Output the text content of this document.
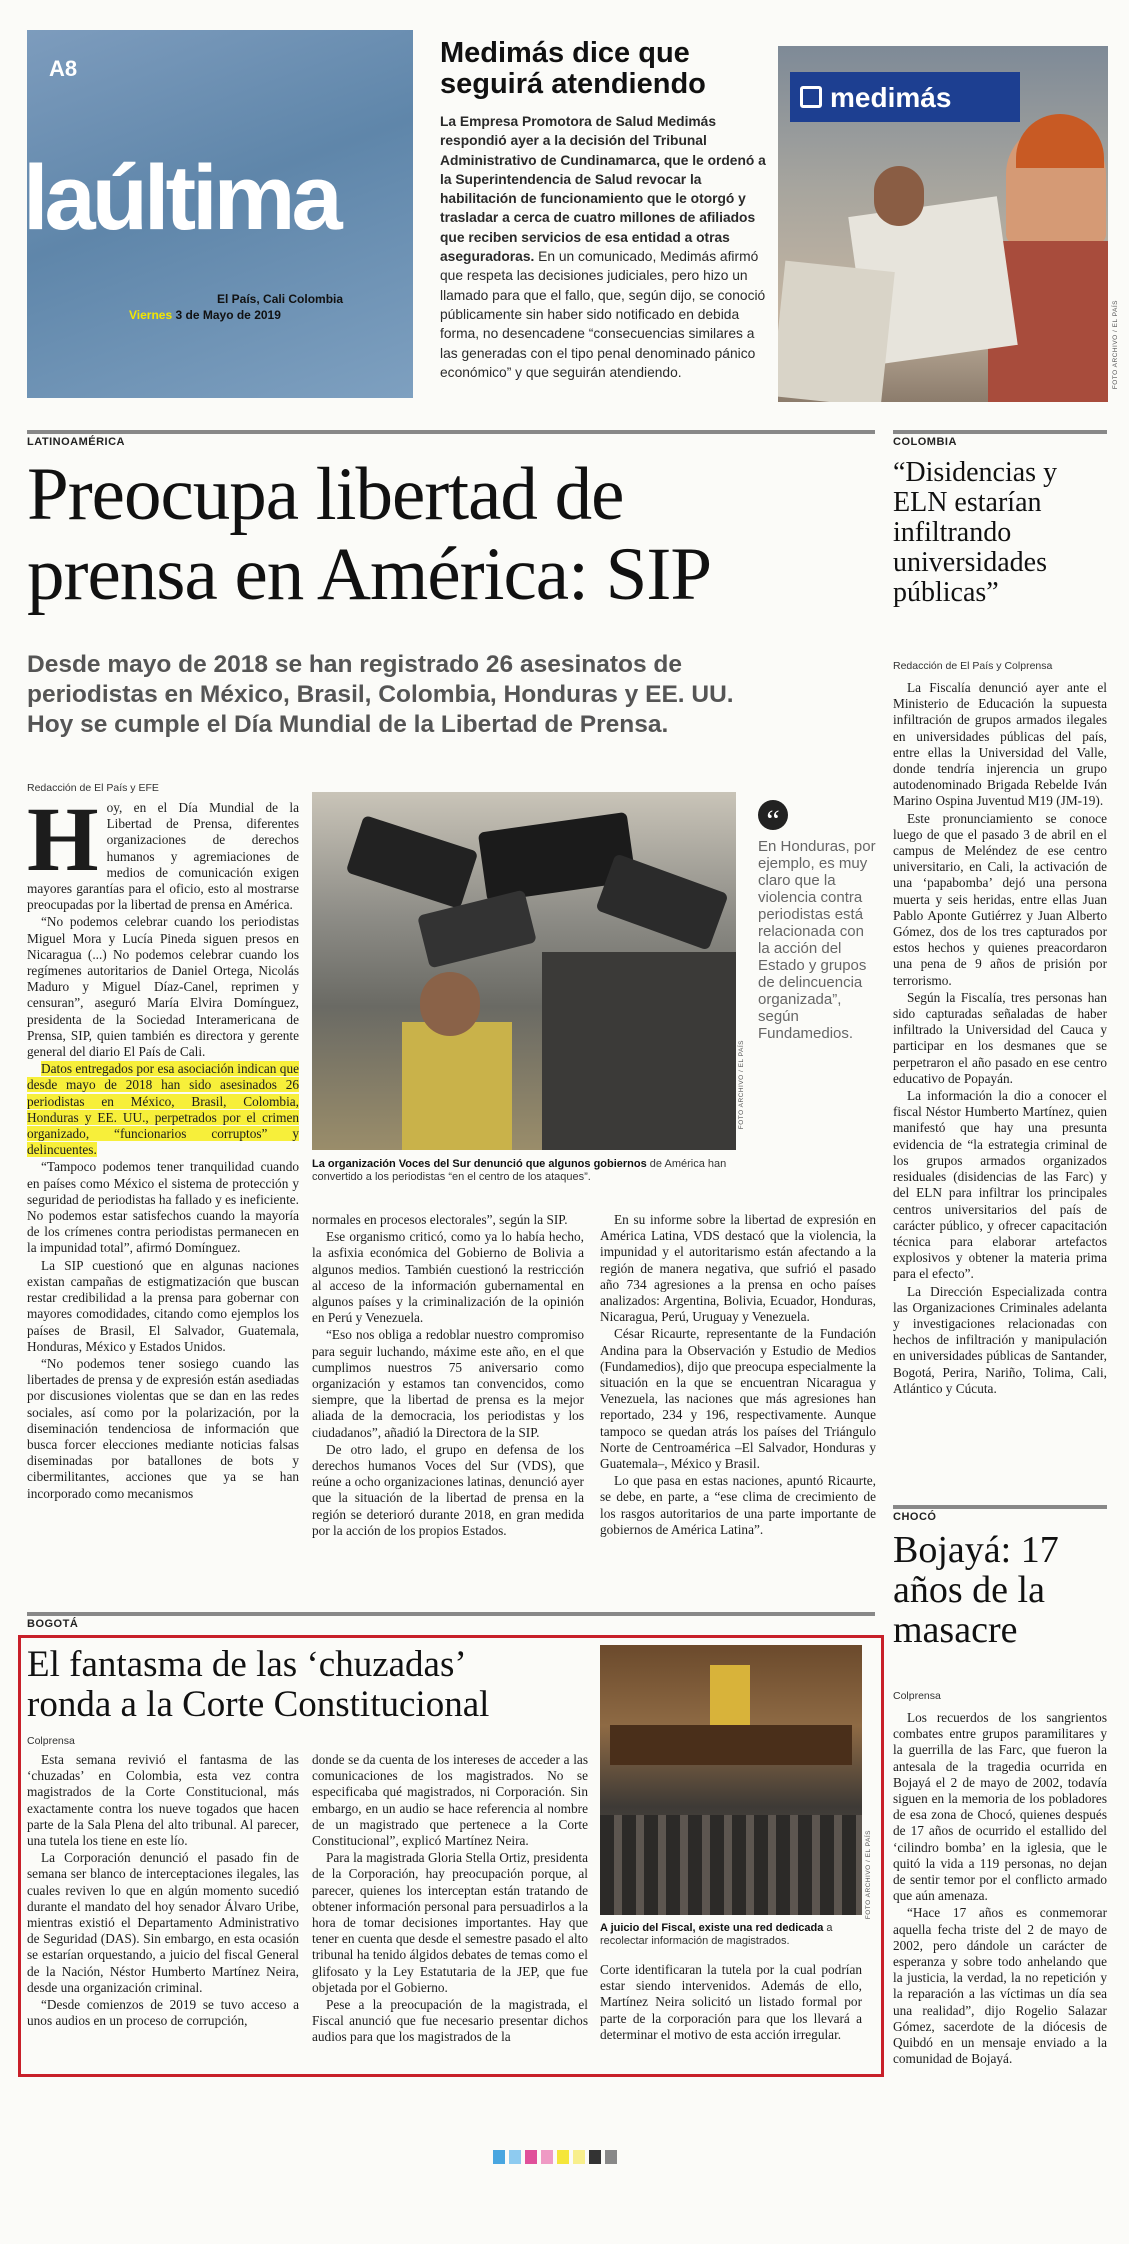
A8
laúltima
El País, Cali Colombia
Viernes 3 de Mayo de 2019
Medimás dice que
seguirá atendiendo
La Empresa Promotora de Salud Medimás respondió ayer a la decisión del Tribunal Administrativo de Cundinamarca, que le ordenó a la Superintendencia de Salud revocar la habilitación de funcionamiento que le otorgó y trasladar a cerca de cuatro millones de afiliados que reciben servicios de esa entidad a otras aseguradoras. En un comunicado, Medimás afirmó que respeta las decisiones judiciales, pero hizo un llamado para que el fallo, que, según dijo, se conoció públicamente sin haber sido notificado en debida forma, no desencadene “consecuencias similares a las generadas con el tipo penal denominado pánico económico” y que seguirán atendiendo.
medimás
FOTO ARCHIVO / EL PAÍS
LATINOAMÉRICA
Preocupa libertad de
prensa en América: SIP
Desde mayo de 2018 se han registrado 26 asesinatos de
periodistas en México, Brasil, Colombia, Honduras y EE. UU.
Hoy se cumple el Día Mundial de la Libertad de Prensa.
Redacción de El País y EFE

H oy, en el Día Mundial de la Libertad de Prensa, diferentes organizaciones de derechos humanos y agremiaciones de medios de comunicación exigen mayores garantías para el oficio, esto al mostrarse preocupadas por la libertad de prensa en América.

“No podemos celebrar cuando los periodistas Miguel Mora y Lucía Pineda siguen presos en Nicaragua (...) No podemos celebrar cuando los regímenes autoritarios de Daniel Ortega, Nicolás Maduro y Miguel Díaz-Canel, reprimen y censuran”, aseguró María Elvira Domínguez, presidenta de la Sociedad Interamericana de Prensa, SIP, quien también es directora y gerente general del diario El País de Cali.

Datos entregados por esa asociación indican que desde mayo de 2018 han sido asesinados 26 periodistas en México, Brasil, Colombia, Honduras y EE. UU., perpetrados por el crimen organizado, “funcionarios corruptos” y delincuentes.

“Tampoco podemos tener tranquilidad cuando en países como México el sistema de protección y seguridad de periodistas ha fallado y es ineficiente. No podemos estar satisfechos cuando la mayoría de los crímenes contra periodistas permanecen en la impunidad total”, afirmó Domínguez.

La SIP cuestionó que en algunas naciones existan campañas de estigmatización que buscan restar credibilidad a la prensa para gobernar con mayores comodidades, citando como ejemplos los países de Brasil, El Salvador, Guatemala, Honduras, México y Estados Unidos.

“No podemos tener sosiego cuando las libertades de prensa y de expresión están asediadas por discusiones violentas que se dan en las redes sociales, así como por la polarización, por la diseminación tendenciosa de información que busca forcer elecciones mediante noticias falsas diseminadas por batallones de bots y cibermilitantes, acciones que ya se han incorporado como mecanismos

FOTO ARCHIVO / EL PAÍS
La organización Voces del Sur denunció que algunos gobiernos de América han convertido a los periodistas “en el centro de los ataques”.
“
En Honduras, por ejemplo, es muy claro que la violencia contra periodistas está relacionada con la acción del Estado y grupos de delincuencia organizada”, según Fundamedios.

normales en procesos electorales”, según la SIP.

Ese organismo criticó, como ya lo había hecho, la asfixia económica del Gobierno de Bolivia a algunos medios. También cuestionó la restricción al acceso de la información gubernamental en algunos países y la criminalización de la opinión en Perú y Venezuela.

“Eso nos obliga a redoblar nuestro compromiso para seguir luchando, máxime este año, en el que cumplimos nuestros 75 aniversario como organización y estamos tan convencidos, como siempre, que la libertad de prensa es la mejor aliada de la democracia, los periodistas y los ciudadanos”, añadió la Directora de la SIP.

De otro lado, el grupo en defensa de los derechos humanos Voces del Sur (VDS), que reúne a ocho organizaciones latinas, denunció ayer que la situación de la libertad de prensa en la región se deterioró durante 2018, en gran medida por la acción de los propios Estados.

En su informe sobre la libertad de expresión en América Latina, VDS destacó que la violencia, la impunidad y el autoritarismo están afectando a la región de manera negativa, que sufrió el pasado año 734 agresiones a la prensa en ocho países analizados: Argentina, Bolivia, Ecuador, Honduras, Nicaragua, Perú, Uruguay y Venezuela.

César Ricaurte, representante de la Fundación Andina para la Observación y Estudio de Medios (Fundamedios), dijo que preocupa especialmente la situación en la que se encuentran Nicaragua y Venezuela, las naciones que más agresiones han reportado, 234 y 196, respectivamente. Aunque tampoco se quedan atrás los países del Triángulo Norte de Centroamérica –El Salvador, Honduras y Guatemala–, México y Brasil.

Lo que pasa en estas naciones, apuntó Ricaurte, se debe, en parte, a “ese clima de crecimiento de los rasgos autoritarios de una parte importante de gobiernos de América Latina”.

COLOMBIA
“Disidencias y ELN estarían infiltrando universidades públicas”
Redacción de El País y Colprensa

La Fiscalía denunció ayer ante el Ministerio de Educación la supuesta infiltración de grupos armados ilegales en universidades públicas del país, entre ellas la Universidad del Valle, donde tendría injerencia un grupo autodenominado Brigada Rebelde Iván Marino Ospina Juventud M19 (JM-19).

Este pronunciamiento se conoce luego de que el pasado 3 de abril en el campus de Meléndez de ese centro universitario, en Cali, la activación de una ‘papabomba’ dejó una persona muerta y seis heridas, entre ellas Juan Pablo Aponte Gutiérrez y Juan Alberto Gómez, dos de los tres capturados por estos hechos y quienes preacordaron una pena de 9 años de prisión por terrorismo.

Según la Fiscalía, tres personas han sido capturadas señaladas de haber infiltrado la Universidad del Cauca y participar en los desmanes que se perpetraron el año pasado en ese centro educativo de Popayán.

La información la dio a conocer el fiscal Néstor Humberto Martínez, quien manifestó que hay una presunta evidencia de “la estrategia criminal de los grupos armados organizados residuales (disidencias de las Farc) y del ELN para infiltrar los principales centros universitarios del país de carácter público, y ofrecer capacitación técnica para elaborar artefactos explosivos y obtener la materia prima para el efecto”.

La Dirección Especializada contra las Organizaciones Criminales adelanta y investigaciones relacionadas con hechos de infiltración y manipulación en universidades públicas de Santander, Bogotá, Perira, Nariño, Tolima, Cali, Atlántico y Cúcuta.

CHOCÓ
Bojayá: 17 años de la masacre
Colprensa

Los recuerdos de los sangrientos combates entre grupos paramilitares y la guerrilla de las Farc, que fueron la antesala de la tragedia ocurrida en Bojayá el 2 de mayo de 2002, todavía siguen en la memoria de los pobladores de esa zona de Chocó, quienes después de 17 años de ocurrido el estallido del ‘cilindro bomba’ en la iglesia, que le quitó la vida a 119 personas, no dejan de sentir temor por el conflicto armado que aún amenaza.

“Hace 17 años es conmemorar aquella fecha triste del 2 de mayo de 2002, pero dándole un carácter de esperanza y sobre todo anhelando que la justicia, la verdad, la no repetición y la reparación a las víctimas un día sea una realidad”, dijo Rogelio Salazar Gómez, sacerdote de la diócesis de Quibdó en un mensaje enviado a la comunidad de Bojayá.

BOGOTÁ
El fantasma de las ‘chuzadas’
ronda a la Corte Constitucional
Colprensa

Esta semana revivió el fantasma de las ‘chuzadas’ en Colombia, esta vez contra magistrados de la Corte Constitucional, más exactamente contra los nueve togados que hacen parte de la Sala Plena del alto tribunal. Al parecer, una tutela los tiene en este lío.

La Corporación denunció el pasado fin de semana ser blanco de interceptaciones ilegales, las cuales reviven lo que en algún momento sucedió durante el mandato del hoy senador Álvaro Uribe, mientras existió el Departamento Administrativo de Seguridad (DAS). Sin embargo, en esta ocasión se estarían orquestando, a juicio del fiscal General de la Nación, Néstor Humberto Martínez Neira, desde una organización criminal.

“Desde comienzos de 2019 se tuvo acceso a unos audios en un proceso de corrupción,

donde se da cuenta de los intereses de acceder a las comunicaciones de los magistrados. No se especificaba qué magistrados, ni Corporación. Sin embargo, en un audio se hace referencia al nombre de un magistrado que pertenece a la Corte Constitucional”, explicó Martínez Neira.

Para la magistrada Gloria Stella Ortiz, presidenta de la Corporación, hay preocupación porque, al parecer, quienes los interceptan están tratando de obtener información personal para persuadirlos a la hora de tomar decisiones importantes. Hay que tener en cuenta que desde el semestre pasado el alto tribunal ha tenido álgidos debates de temas como el glifosato y la Ley Estatutaria de la JEP, que fue objetada por el Gobierno.

Pese a la preocupación de la magistrada, el Fiscal anunció que fue necesario presentar dichos audios para que los magistrados de la

FOTO ARCHIVO / EL PAÍS
A juicio del Fiscal, existe una red dedicada a recolectar información de magistrados.

Corte identificaran la tutela por la cual podrían estar siendo intervenidos. Además de ello, Martínez Neira solicitó un listado formal por parte de la corporación para que los llevará a determinar el motivo de esta acción irregular.
